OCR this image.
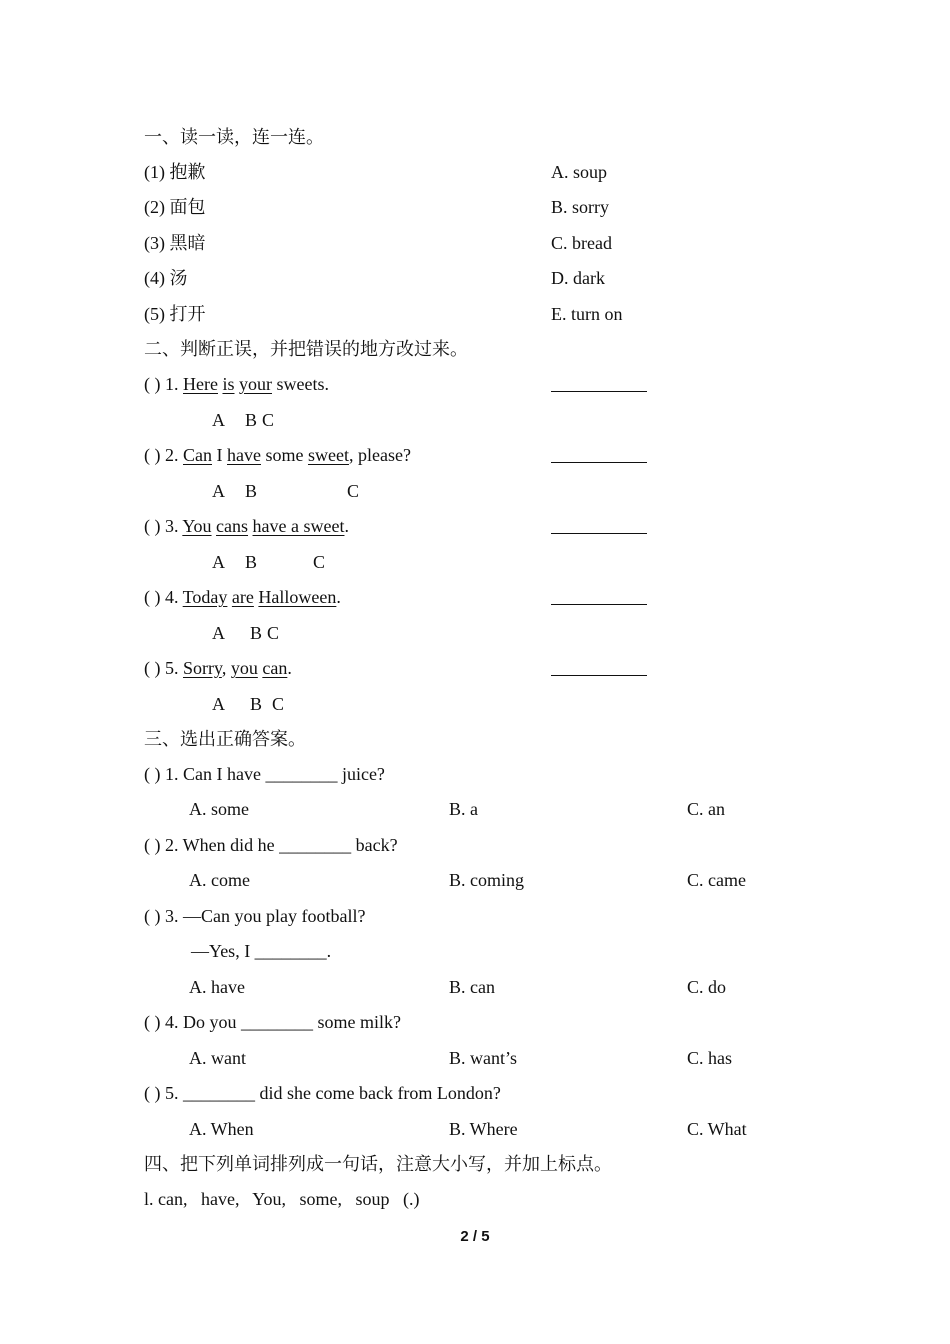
一、读一读，连一连。
(1) 抱歉	A. soup
(2) 面包	B. sorry
(3) 黑暗	C. bread
(4) 汤	D. dark
(5) 打开	E. turn on
二、判断正误，并把错误的地方改过来。
( ) 1. Here is your sweets.
A B C
( ) 2. Can I have some sweet, please?
A B	C
( ) 3. You cans have a sweet.
A B	C
( ) 4. Today are Halloween.
A B C
( ) 5. Sorry, you can.
A B C
三、选出正确答案。
( ) 1. Can I have ________ juice?
A. some	B. a	C. an
( ) 2. When did he ________ back?
A. come	B. coming	C. came
( ) 3. —Can you play football?
—Yes, I ________.
A. have	B. can	C. do
( ) 4. Do you ________ some milk?
A. want	B. want’s	C. has
( ) 5. ________ did she come back from London?
A. When	B. Where	C. What
四、把下列单词排列成一句话，注意大小写，并加上标点。
l. can,   have,   You,   some,   soup   (.)
2 / 5
